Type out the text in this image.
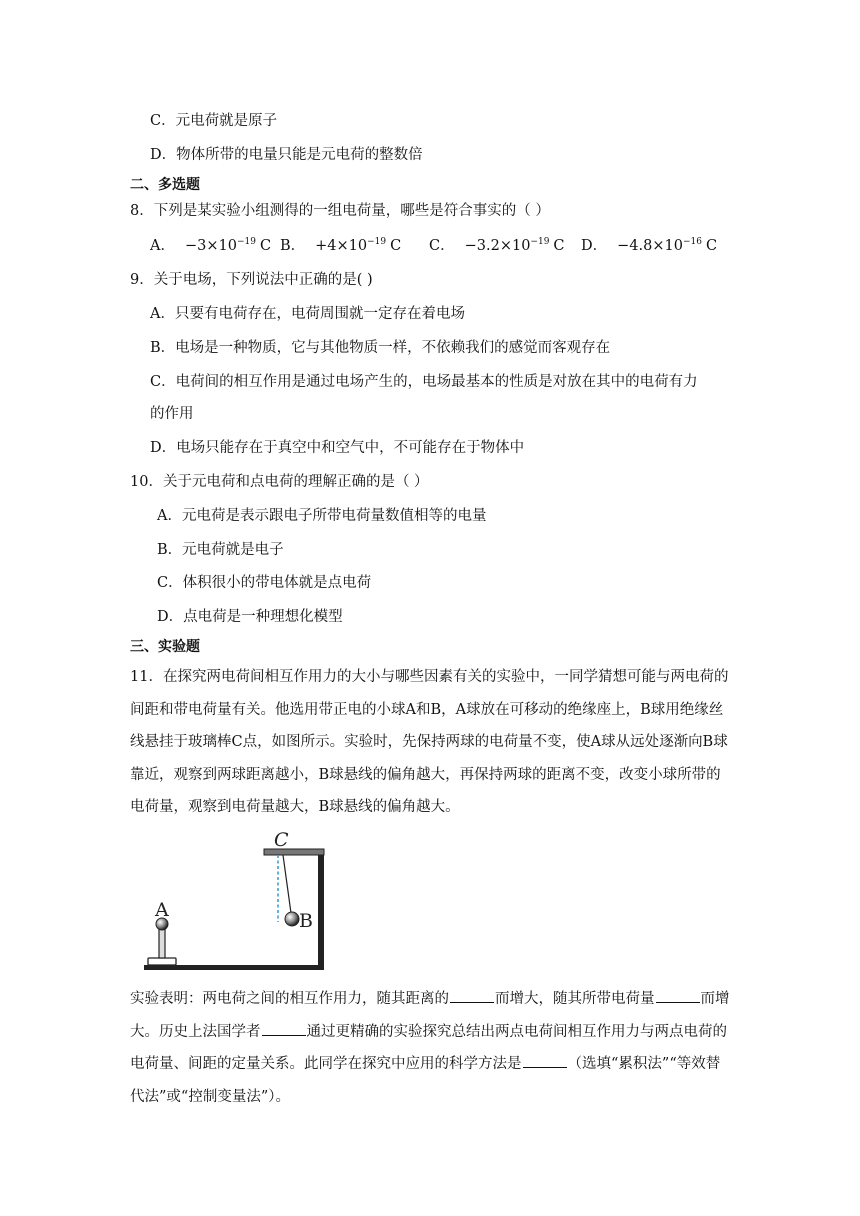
C．元电荷就是原子
D．物体所带的电量只能是元电荷的整数倍
二、多选题
8．下列是某实验小组测得的一组电荷量，哪些是符合事实的（ ）
A． $-3\times 10^{-19}$ C B． $+4\times 10^{-19}$ C C． $-3.2\times 10^{-19}$ C D． $-4.8\times 10^{-16}$ C
9．关于电场，下列说法中正确的是( )
A．只要有电荷存在，电荷周围就一定存在着电场
B．电场是一种物质，它与其他物质一样，不依赖我们的感觉而客观存在
C．电荷间的相互作用是通过电场产生的，电场最基本的性质是对放在其中的电荷有力
的作用
D．电场只能存在于真空中和空气中，不可能存在于物体中
10．关于元电荷和点电荷的理解正确的是（ ）
A．元电荷是表示跟电子所带电荷量数值相等的电量
B．元电荷就是电子
C．体积很小的带电体就是点电荷
D．点电荷是一种理想化模型
三、实验题
11．在探究两电荷间相互作用力的大小与哪些因素有关的实验中，一同学猜想可能与两电荷的间距和带电荷量有关。他选用带正电的小球A和B，A球放在可移动的绝缘座上，B球用绝缘丝线悬挂于玻璃棒C点，如图所示。实验时，先保持两球的电荷量不变，使A球从远处逐渐向B球靠近，观察到两球距离越小，B球悬线的偏角越大，再保持两球的距离不变，改变小球所带的电荷量，观察到电荷量越大，B球悬线的偏角越大。
C
B
A
实验表明：两电荷之间的相互作用力，随其距离的	而增大，随其所带电荷量	而增大。历史上法国学者	通过更精确的实验探究总结出两点电荷间相互作用力与两点电荷的电荷量、间距的定量关系。此同学在探究中应用的科学方法是	（选填“累积法”“等效替代法”或“控制变量法”）。
